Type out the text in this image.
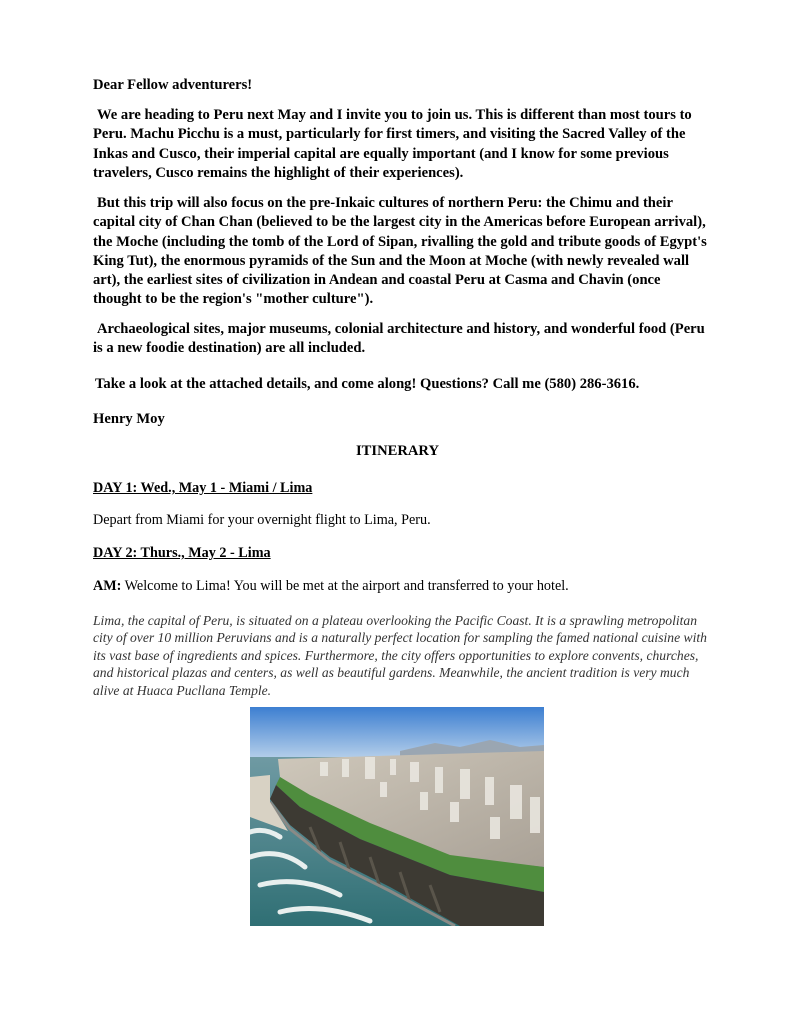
Dear Fellow adventurers!

We are heading to Peru next May and I invite you to join us. This is different than most tours to Peru. Machu Picchu is a must, particularly for first timers, and visiting the Sacred Valley of the Inkas and Cusco, their imperial capital are equally important (and I know for some previous travelers, Cusco remains the highlight of their experiences).

But this trip will also focus on the pre-Inkaic cultures of northern Peru: the Chimu and their capital city of Chan Chan (believed to be the largest city in the Americas before European arrival), the Moche (including the tomb of the Lord of Sipan, rivalling the gold and tribute goods of Egypt's King Tut), the enormous pyramids of the Sun and the Moon at Moche (with newly revealed wall art), the earliest sites of civilization in Andean and coastal Peru at Casma and Chavin (once thought to be the region's "mother culture").

Archaeological sites, major museums, colonial architecture and history, and wonderful food (Peru is a new foodie destination) are all included.

Take a look at the attached details, and come along! Questions? Call me (580) 286-3616.

Henry Moy

ITINERARY

DAY 1: Wed., May 1 - Miami / Lima

Depart from Miami for your overnight flight to Lima, Peru.

DAY 2: Thurs., May 2 - Lima

AM: Welcome to Lima! You will be met at the airport and transferred to your hotel.

Lima, the capital of Peru, is situated on a plateau overlooking the Pacific Coast. It is a sprawling metropolitan city of over 10 million Peruvians and is a naturally perfect location for sampling the famed national cuisine with its vast base of ingredients and spices. Furthermore, the city offers opportunities to explore convents, churches, and historical plazas and centers, as well as beautiful gardens. Meanwhile, the ancient tradition is very much alive at Huaca Pucllana Temple.
